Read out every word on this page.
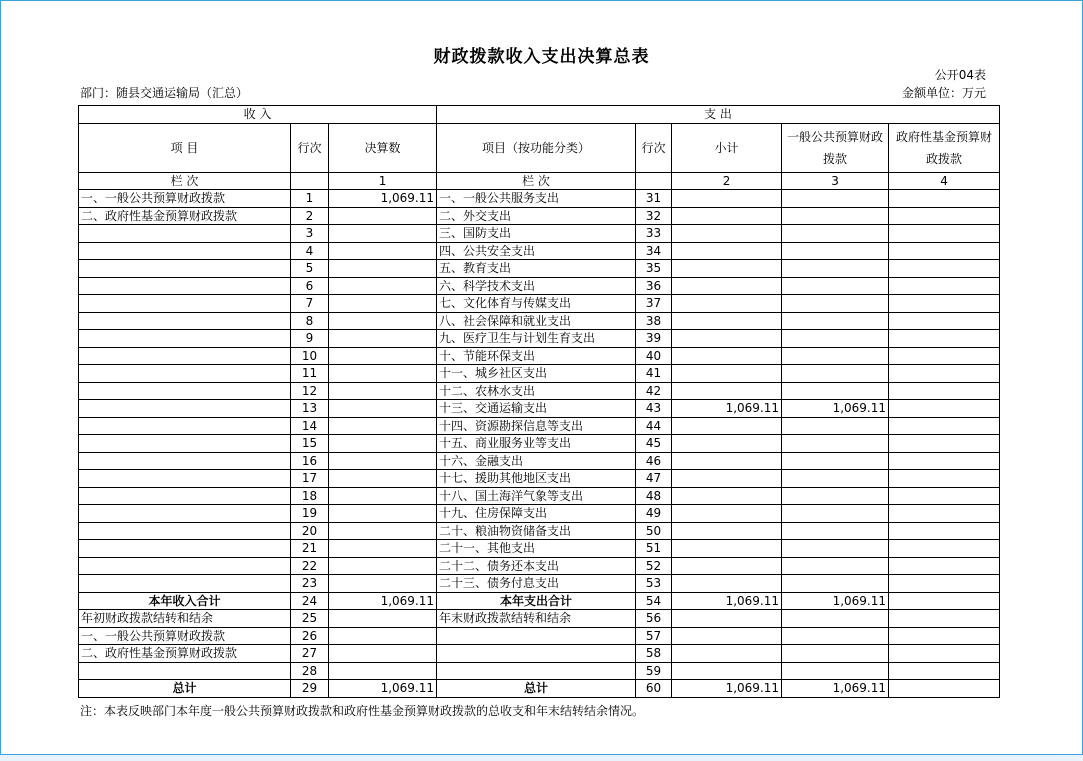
财政拨款收入支出决算总表
公开04表
部门：随县交通运输局（汇总）	金额单位：万元
收 入			支 出				
项 目	行次	决算数	项目（按功能分类）	行次	小计	一般公共预算财政拨款	政府性基金预算财政拨款
栏 次		1	栏 次		2	3	4
一、一般公共预算财政拨款	1	1,069.11	一、一般公共服务支出	31			
二、政府性基金预算财政拨款	2		二、外交支出	32			
	3		三、国防支出	33			
	4		四、公共安全支出	34			
	5		五、教育支出	35			
	6		六、科学技术支出	36			
	7		七、文化体育与传媒支出	37			
	8		八、社会保障和就业支出	38			
	9		九、医疗卫生与计划生育支出	39			
	10		十、节能环保支出	40			
	11		十一、城乡社区支出	41			
	12		十二、农林水支出	42			
	13		十三、交通运输支出	43	1,069.11	1,069.11	
	14		十四、资源勘探信息等支出	44			
	15		十五、商业服务业等支出	45			
	16		十六、金融支出	46			
	17		十七、援助其他地区支出	47			
	18		十八、国土海洋气象等支出	48			
	19		十九、住房保障支出	49			
	20		二十、粮油物资储备支出	50			
	21		二十一、其他支出	51			
	22		二十二、债务还本支出	52			
	23		二十三、债务付息支出	53			
本年收入合计	24	1,069.11	本年支出合计	54	1,069.11	1,069.11	
年初财政拨款结转和结余	25		年末财政拨款结转和结余	56			
一、一般公共预算财政拨款	26			57			
二、政府性基金预算财政拨款	27			58			
	28			59			
总计	29	1,069.11	总计	60	1,069.11	1,069.11	
注：本表反映部门本年度一般公共预算财政拨款和政府性基金预算财政拨款的总收支和年末结转结余情况。
